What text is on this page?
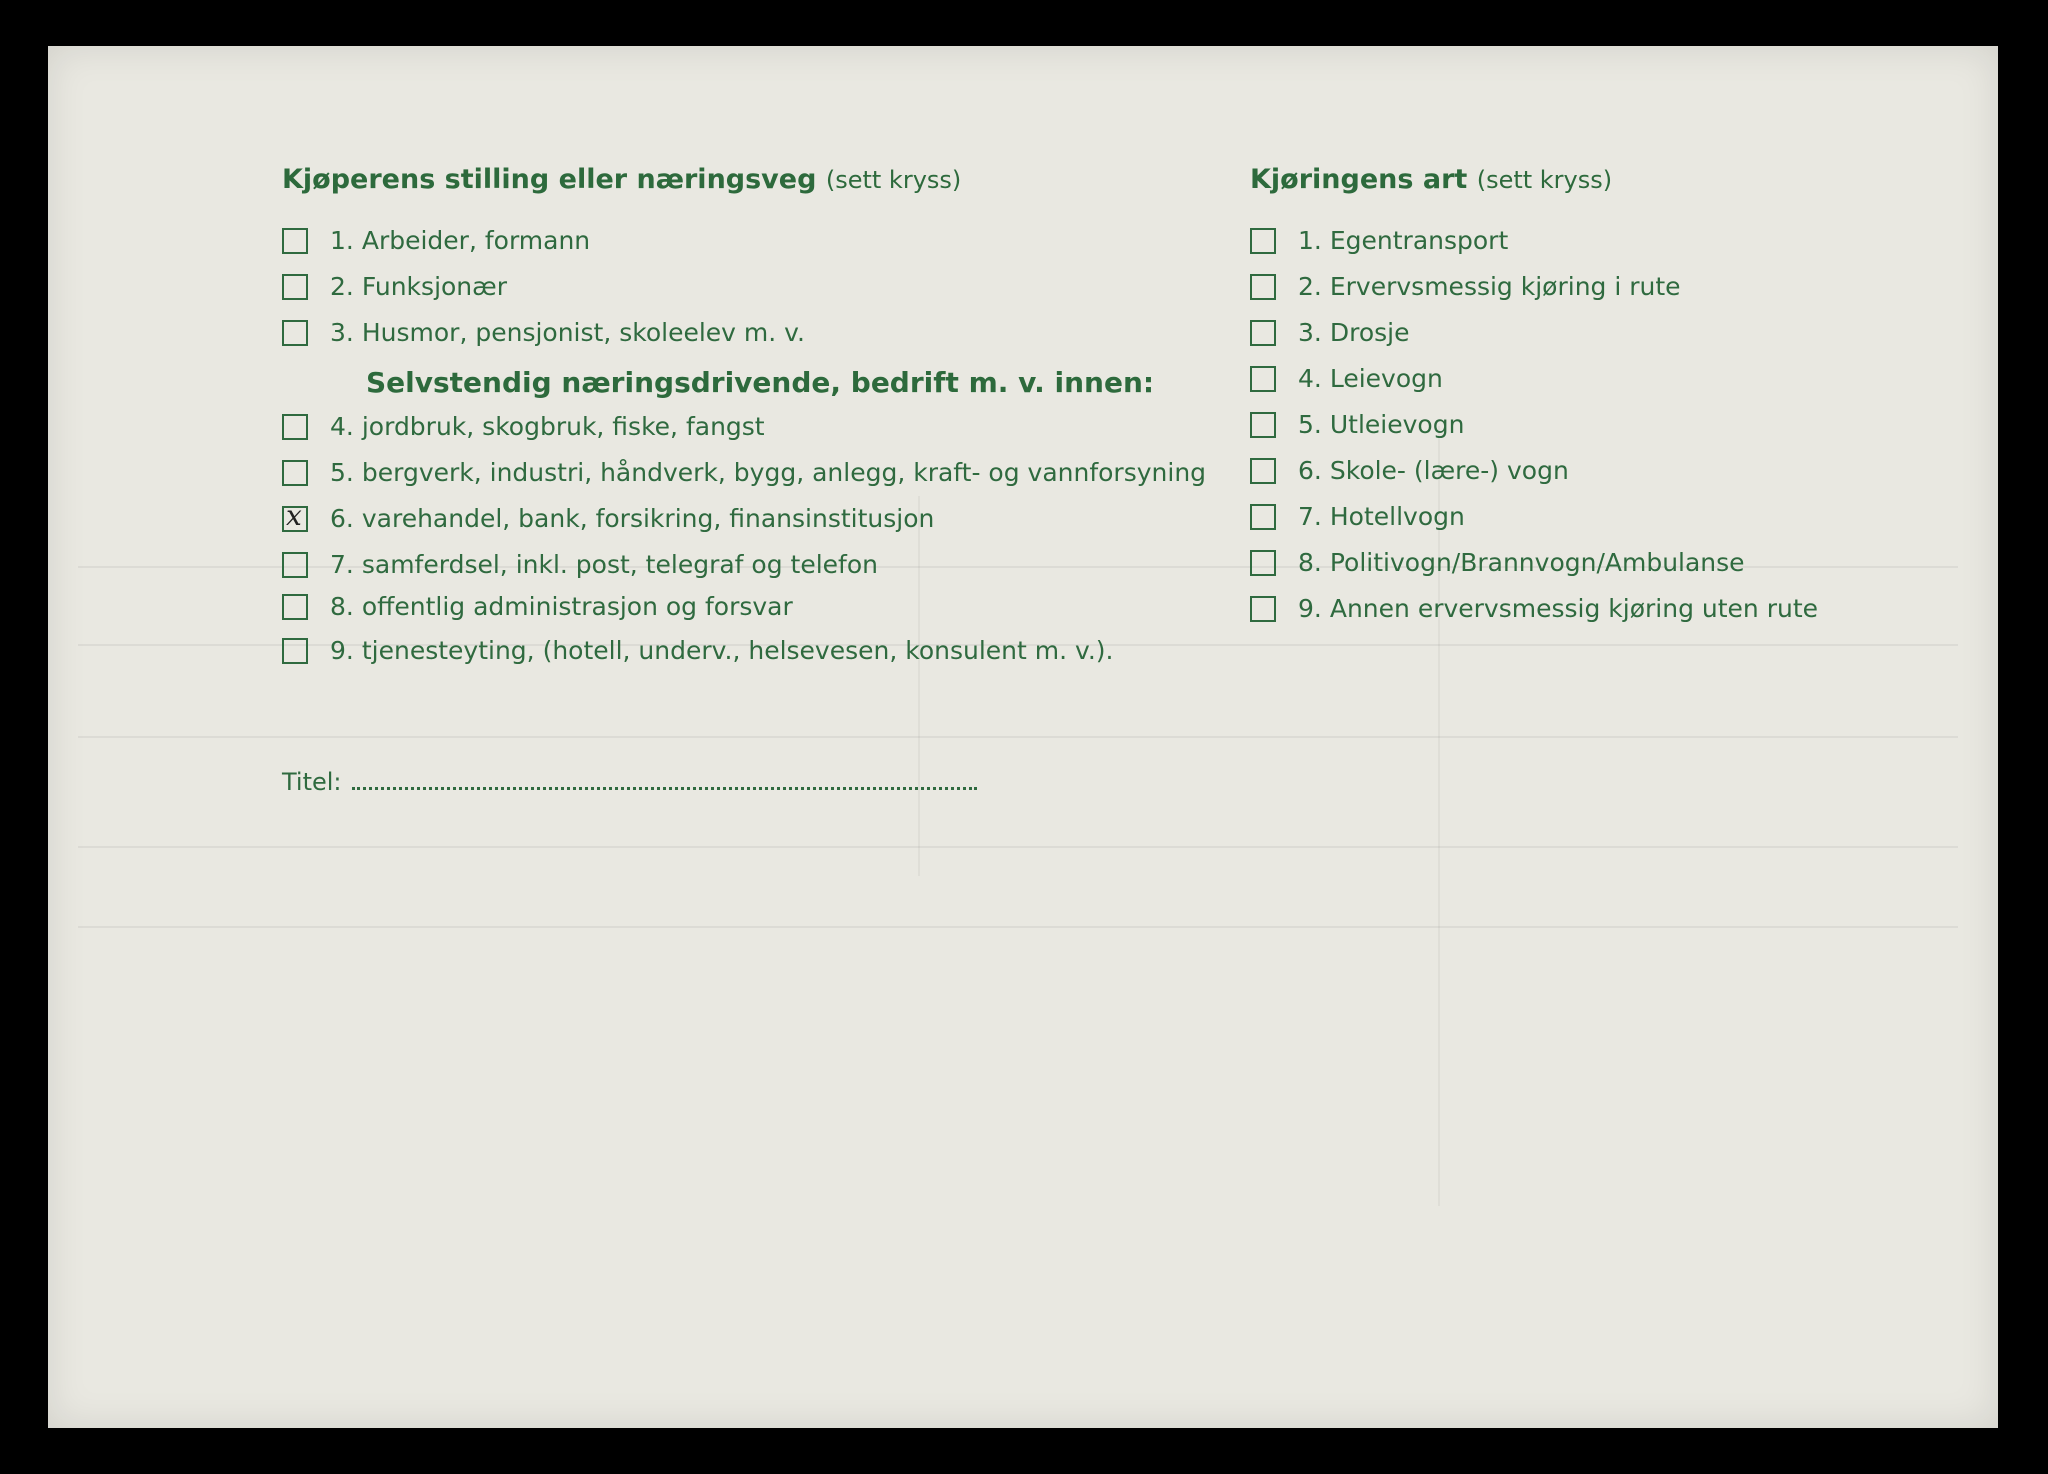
Kjøperens stilling eller næringsveg (sett kryss)
1. Arbeider, formann
2. Funksjonær
3. Husmor, pensjonist, skoleelev m. v.
Selvstendig næringsdrivende, bedrift m. v. innen:
4. jordbruk, skogbruk, fiske, fangst
5. bergverk, industri, håndverk, bygg, anlegg, kraft- og vannforsyning
x 6. varehandel, bank, forsikring, finansinstitusjon
7. samferdsel, inkl. post, telegraf og telefon
8. offentlig administrasjon og forsvar
9. tjenesteyting, (hotell, underv., helsevesen, konsulent m. v.).
Titel:
Kjøringens art (sett kryss)
1. Egentransport
2. Ervervsmessig kjøring i rute
3. Drosje
4. Leievogn
5. Utleievogn
6. Skole- (lære-) vogn
7. Hotellvogn
8. Politivogn/Brannvogn/Ambulanse
9. Annen ervervsmessig kjøring uten rute
